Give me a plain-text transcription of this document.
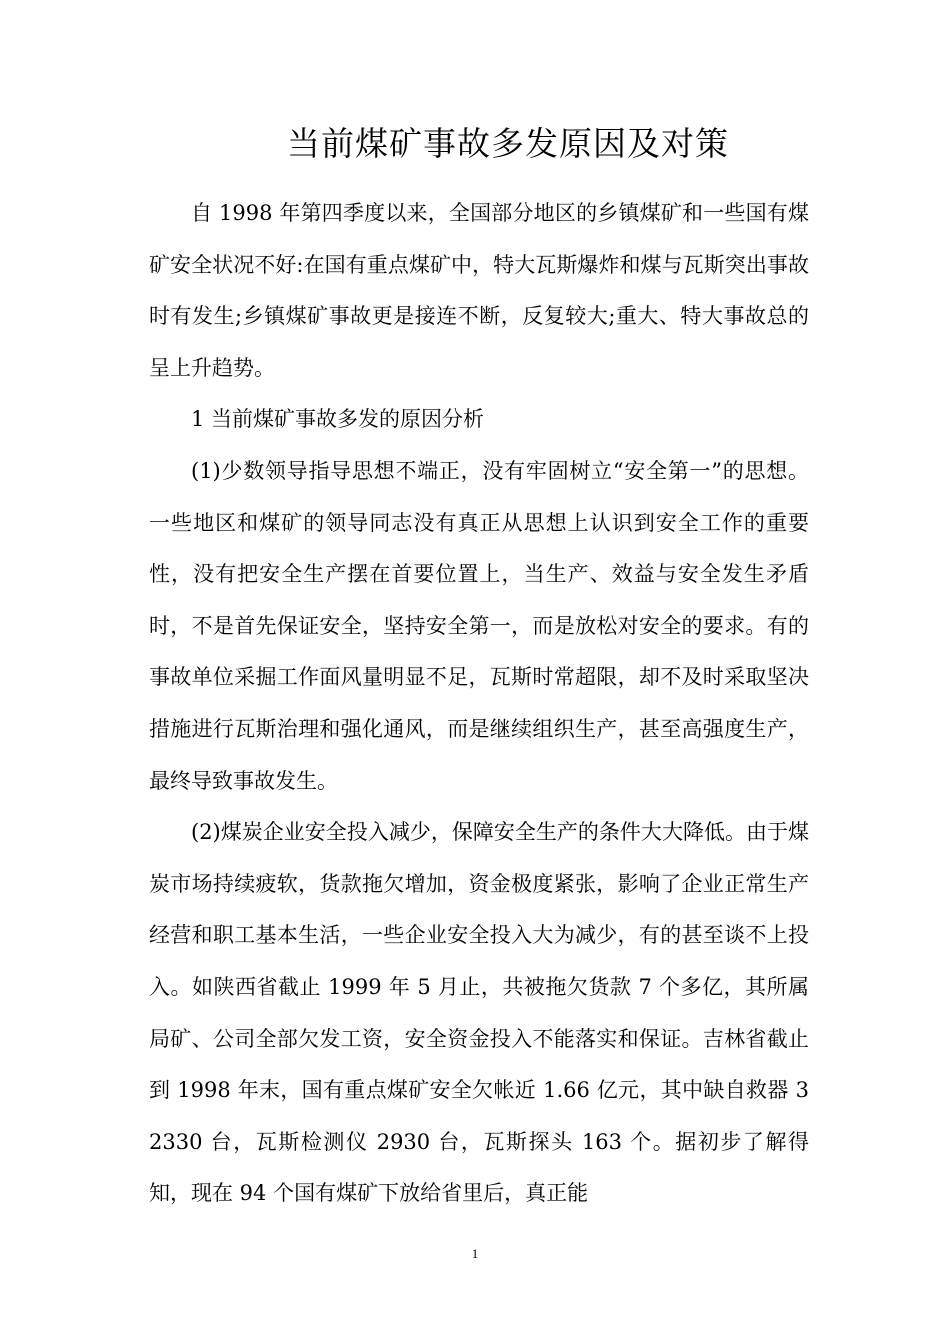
当前煤矿事故多发原因及对策

自 1998 年第四季度以来，全国部分地区的乡镇煤矿和一些国有煤矿安全状况不好:在国有重点煤矿中，特大瓦斯爆炸和煤与瓦斯突出事故时有发生;乡镇煤矿事故更是接连不断，反复较大;重大、特大事故总的呈上升趋势。

1 当前煤矿事故多发的原因分析

(1)少数领导指导思想不端正，没有牢固树立“安全第一”的思想。一些地区和煤矿的领导同志没有真正从思想上认识到安全工作的重要性，没有把安全生产摆在首要位置上，当生产、效益与安全发生矛盾时，不是首先保证安全，坚持安全第一，而是放松对安全的要求。有的事故单位采掘工作面风量明显不足，瓦斯时常超限，却不及时采取坚决措施进行瓦斯治理和强化通风，而是继续组织生产，甚至高强度生产，最终导致事故发生。

(2)煤炭企业安全投入减少，保障安全生产的条件大大降低。由于煤炭市场持续疲软，货款拖欠增加，资金极度紧张，影响了企业正常生产经营和职工基本生活，一些企业安全投入大为减少，有的甚至谈不上投入。如陕西省截止 1999 年 5 月止，共被拖欠货款 7 个多亿，其所属局矿、公司全部欠发工资，安全资金投入不能落实和保证。吉林省截止到 1998 年末，国有重点煤矿安全欠帐近 1.66 亿元，其中缺自救器 32330 台，瓦斯检测仪 2930 台，瓦斯探头 163 个。据初步了解得知，现在 94 个国有煤矿下放给省里后，真正能

1
